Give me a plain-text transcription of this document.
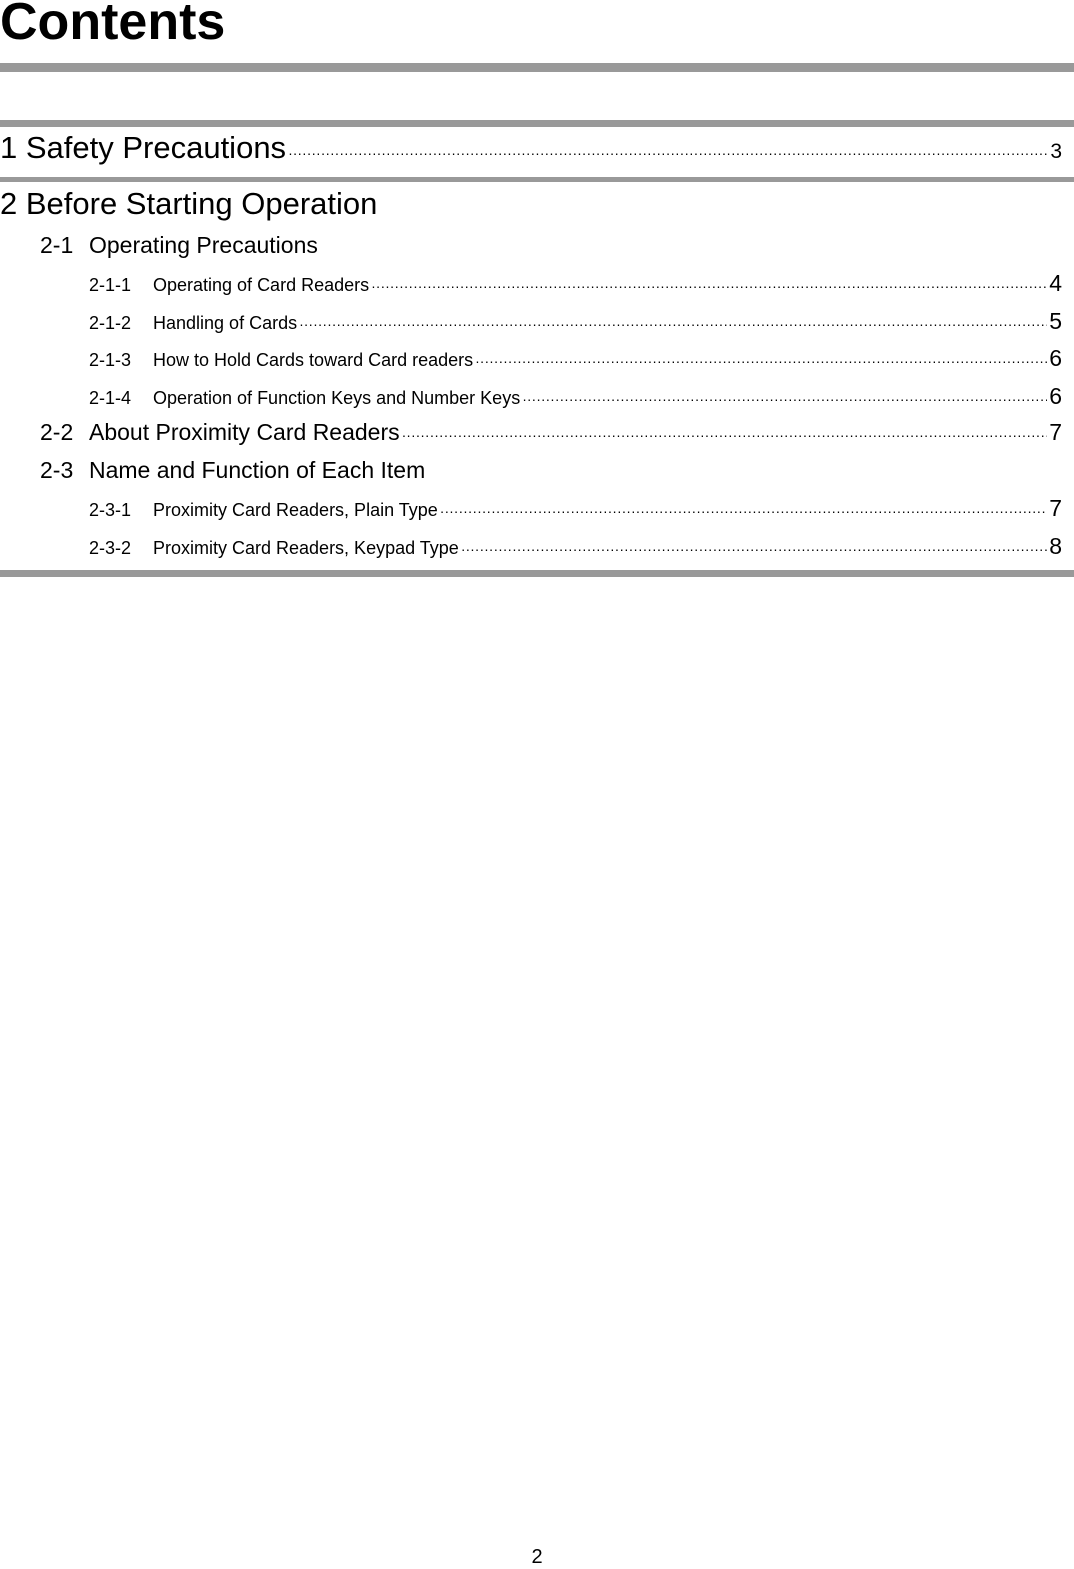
Contents
1 Safety Precautions ·····	3
2 Before Starting Operation
2-1 Operating Precautions
2-1-1	Operating of Card Readers ·····	4
2-1-2	Handling of Cards ·····	5
2-1-3	How to Hold Cards toward Card readers ·····	6
2-1-4	Operation of Function Keys and Number Keys ·····	6
2-2 About Proximity Card Readers ·····	7
2-3 Name and Function of Each Item
2-3-1	Proximity Card Readers, Plain Type ·····	7
2-3-2	Proximity Card Readers, Keypad Type ·····	8
2
